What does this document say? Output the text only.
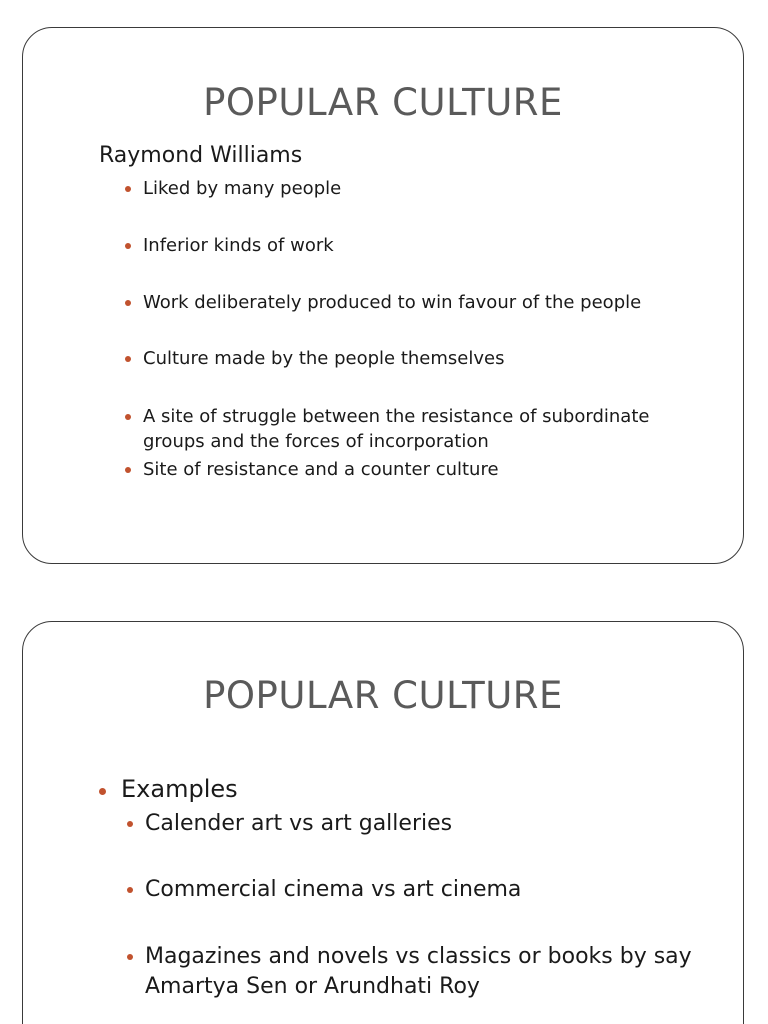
POPULAR CULTURE
Raymond Williams
Liked by many people
Inferior kinds of work
Work deliberately produced to win favour of the people
Culture made by the people themselves
A site of struggle between the resistance of subordinate groups and the forces of incorporation
Site of resistance and a counter culture
POPULAR CULTURE
Examples
Calender art vs art galleries
Commercial cinema vs art cinema
Magazines and novels vs classics or books by say Amartya Sen or Arundhati Roy
